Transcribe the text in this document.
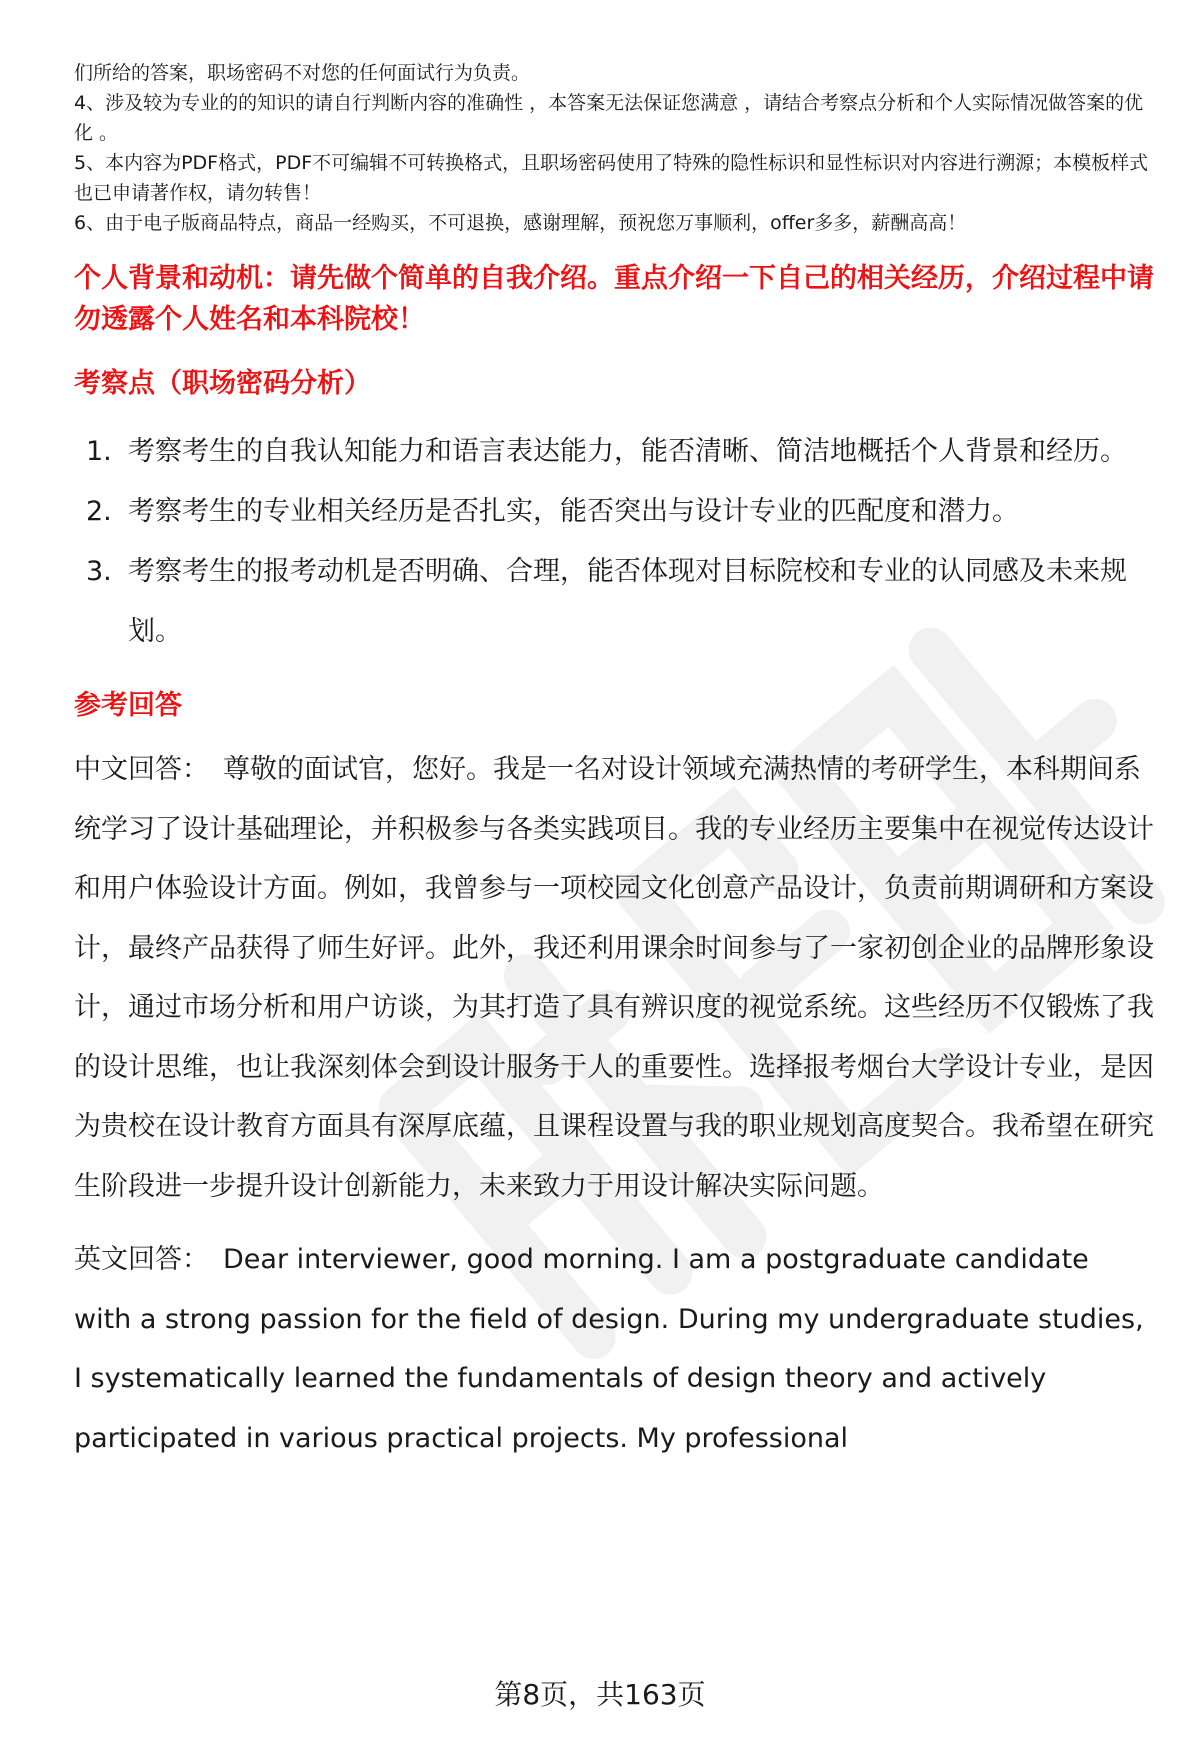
们所给的答案，职场密码不对您的任何面试行为负责。

4、涉及较为专业的的知识的请自行判断内容的准确性 ，本答案无法保证您满意 ，请结合考察点分析和个人实际情况做答案的优化 。

5、本内容为PDF格式，PDF不可编辑不可转换格式，且职场密码使用了特殊的隐性标识和显性标识对内容进行溯源；本模板样式也已申请著作权，请勿转售！

6、由于电子版商品特点，商品一经购买，不可退换，感谢理解，预祝您万事顺利，offer多多，薪酬高高！

个人背景和动机：请先做个简单的自我介绍。重点介绍一下自己的相关经历，介绍过程中请勿透露个人姓名和本科院校！
考察点（职场密码分析）
1. 考察考生的自我认知能力和语言表达能力，能否清晰、简洁地概括个人背景和经历。
2. 考察考生的专业相关经历是否扎实，能否突出与设计专业的匹配度和潜力。
3. 考察考生的报考动机是否明确、合理，能否体现对目标院校和专业的认同感及未来规划。
参考回答

中文回答： 尊敬的面试官，您好。我是一名对设计领域充满热情的考研学生，本科期间系统学习了设计基础理论，并积极参与各类实践项目。我的专业经历主要集中在视觉传达设计和用户体验设计方面。例如，我曾参与一项校园文化创意产品设计，负责前期调研和方案设计，最终产品获得了师生好评。此外，我还利用课余时间参与了一家初创企业的品牌形象设计，通过市场分析和用户访谈，为其打造了具有辨识度的视觉系统。这些经历不仅锻炼了我的设计思维，也让我深刻体会到设计服务于人的重要性。选择报考烟台大学设计专业，是因为贵校在设计教育方面具有深厚底蕴，且课程设置与我的职业规划高度契合。我希望在研究生阶段进一步提升设计创新能力，未来致力于用设计解决实际问题。

英文回答： Dear interviewer, good morning. I am a postgraduate candidate with a strong passion for the field of design. During my undergraduate studies, I systematically learned the fundamentals of design theory and actively participated in various practical projects. My professional

第8页，共163页
